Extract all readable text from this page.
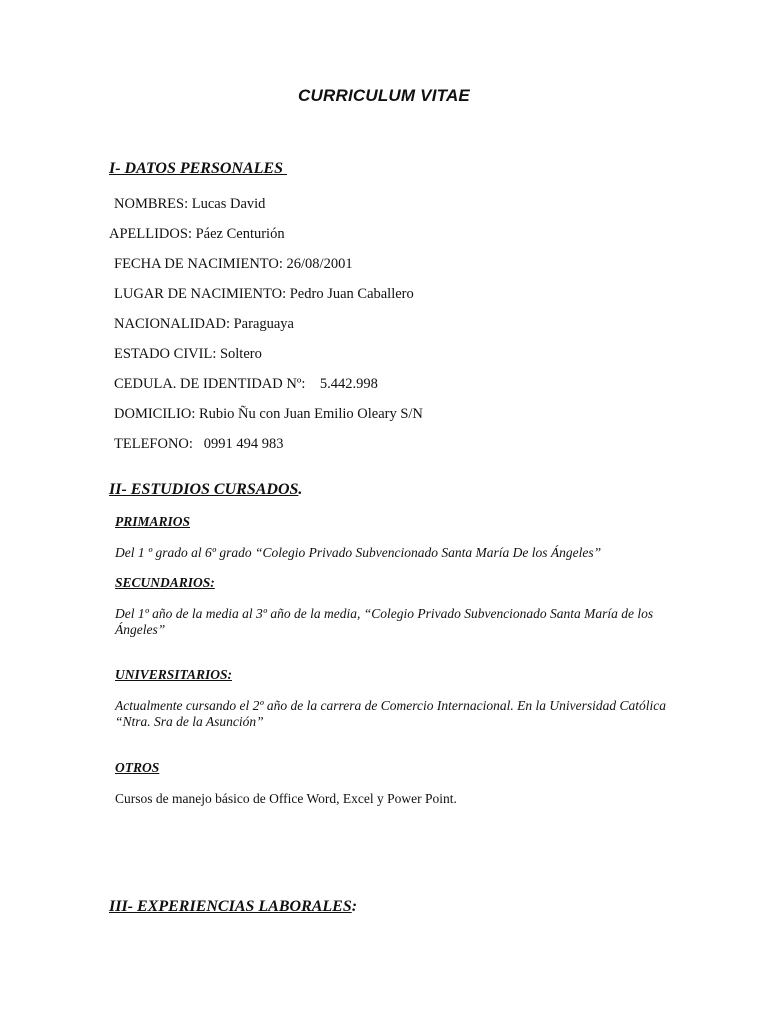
CURRICULUM VITAE
I- DATOS PERSONALES
NOMBRES: Lucas David
APELLIDOS: Páez Centurión
FECHA DE NACIMIENTO: 26/08/2001
LUGAR DE NACIMIENTO: Pedro Juan Caballero
NACIONALIDAD: Paraguaya
ESTADO CIVIL: Soltero
CEDULA. DE IDENTIDAD Nº:    5.442.998
DOMICILIO: Rubio Ñu con Juan Emilio Oleary S/N
TELEFONO:   0991 494 983
II- ESTUDIOS CURSADOS.
PRIMARIOS
Del 1 º grado al 6º grado “Colegio Privado Subvencionado Santa María De los Ángeles”
SECUNDARIOS:
Del 1º año de la media al 3º año de la media, “Colegio Privado Subvencionado Santa María de los Ángeles”
UNIVERSITARIOS:
Actualmente cursando el 2º año de la carrera de Comercio Internacional. En la Universidad Católica “Ntra. Sra de la Asunción”
OTROS
Cursos de manejo básico de Office Word, Excel y Power Point.
III- EXPERIENCIAS LABORALES:
